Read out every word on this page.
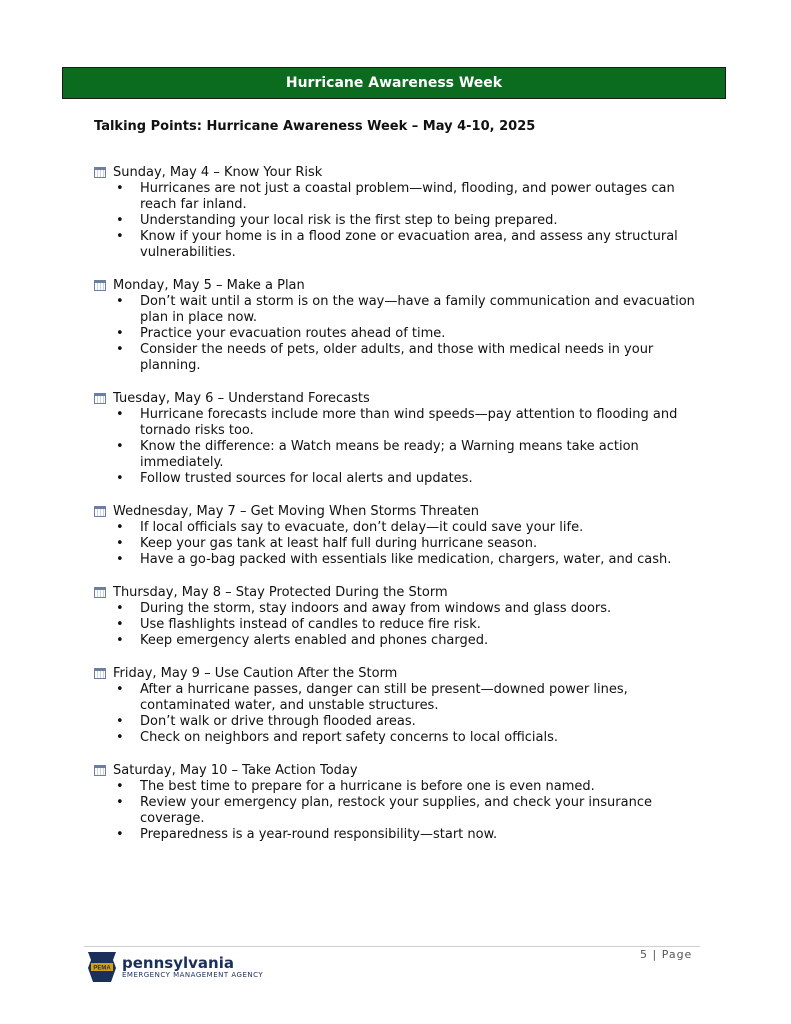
Hurricane Awareness Week
Talking Points: Hurricane Awareness Week – May 4-10, 2025
Sunday, May 4 – Know Your Risk
• Hurricanes are not just a coastal problem—wind, flooding, and power outages can reach far inland.
• Understanding your local risk is the first step to being prepared.
• Know if your home is in a flood zone or evacuation area, and assess any structural vulnerabilities.
Monday, May 5 – Make a Plan
• Don’t wait until a storm is on the way—have a family communication and evacuation plan in place now.
• Practice your evacuation routes ahead of time.
• Consider the needs of pets, older adults, and those with medical needs in your planning.
Tuesday, May 6 – Understand Forecasts
• Hurricane forecasts include more than wind speeds—pay attention to flooding and tornado risks too.
• Know the difference: a Watch means be ready; a Warning means take action immediately.
• Follow trusted sources for local alerts and updates.
Wednesday, May 7 – Get Moving When Storms Threaten
• If local officials say to evacuate, don’t delay—it could save your life.
• Keep your gas tank at least half full during hurricane season.
• Have a go-bag packed with essentials like medication, chargers, water, and cash.
Thursday, May 8 – Stay Protected During the Storm
• During the storm, stay indoors and away from windows and glass doors.
• Use flashlights instead of candles to reduce fire risk.
• Keep emergency alerts enabled and phones charged.
Friday, May 9 – Use Caution After the Storm
• After a hurricane passes, danger can still be present—downed power lines, contaminated water, and unstable structures.
• Don’t walk or drive through flooded areas.
• Check on neighbors and report safety concerns to local officials.
Saturday, May 10 – Take Action Today
• The best time to prepare for a hurricane is before one is even named.
• Review your emergency plan, restock your supplies, and check your insurance coverage.
• Preparedness is a year-round responsibility—start now.
5 | Page
PEMA pennsylvania
EMERGENCY MANAGEMENT AGENCY
